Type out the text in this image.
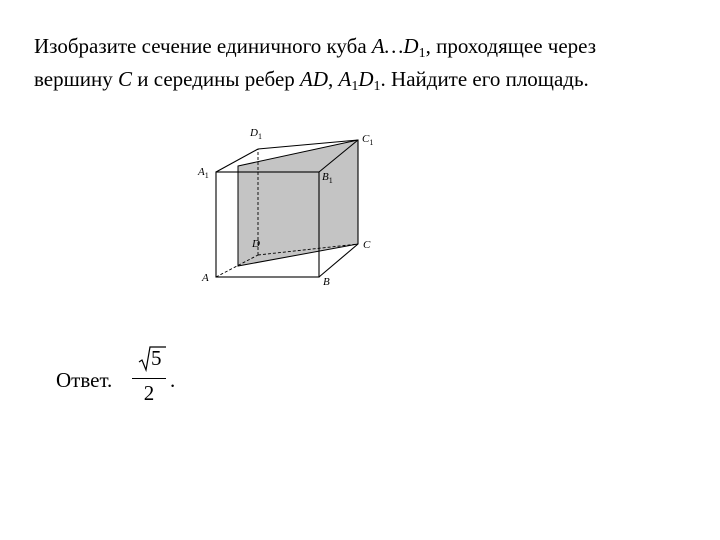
Изобразите сечение единичного куба $A\dots D_1$, проходящее через
вершину C и середины ребер AD, $A_1D_1$. Найдите его площадь.
A	B
C
D
$A_1$	$B_1$
$C_1$
$D_1$
Ответ.
5
2
.
